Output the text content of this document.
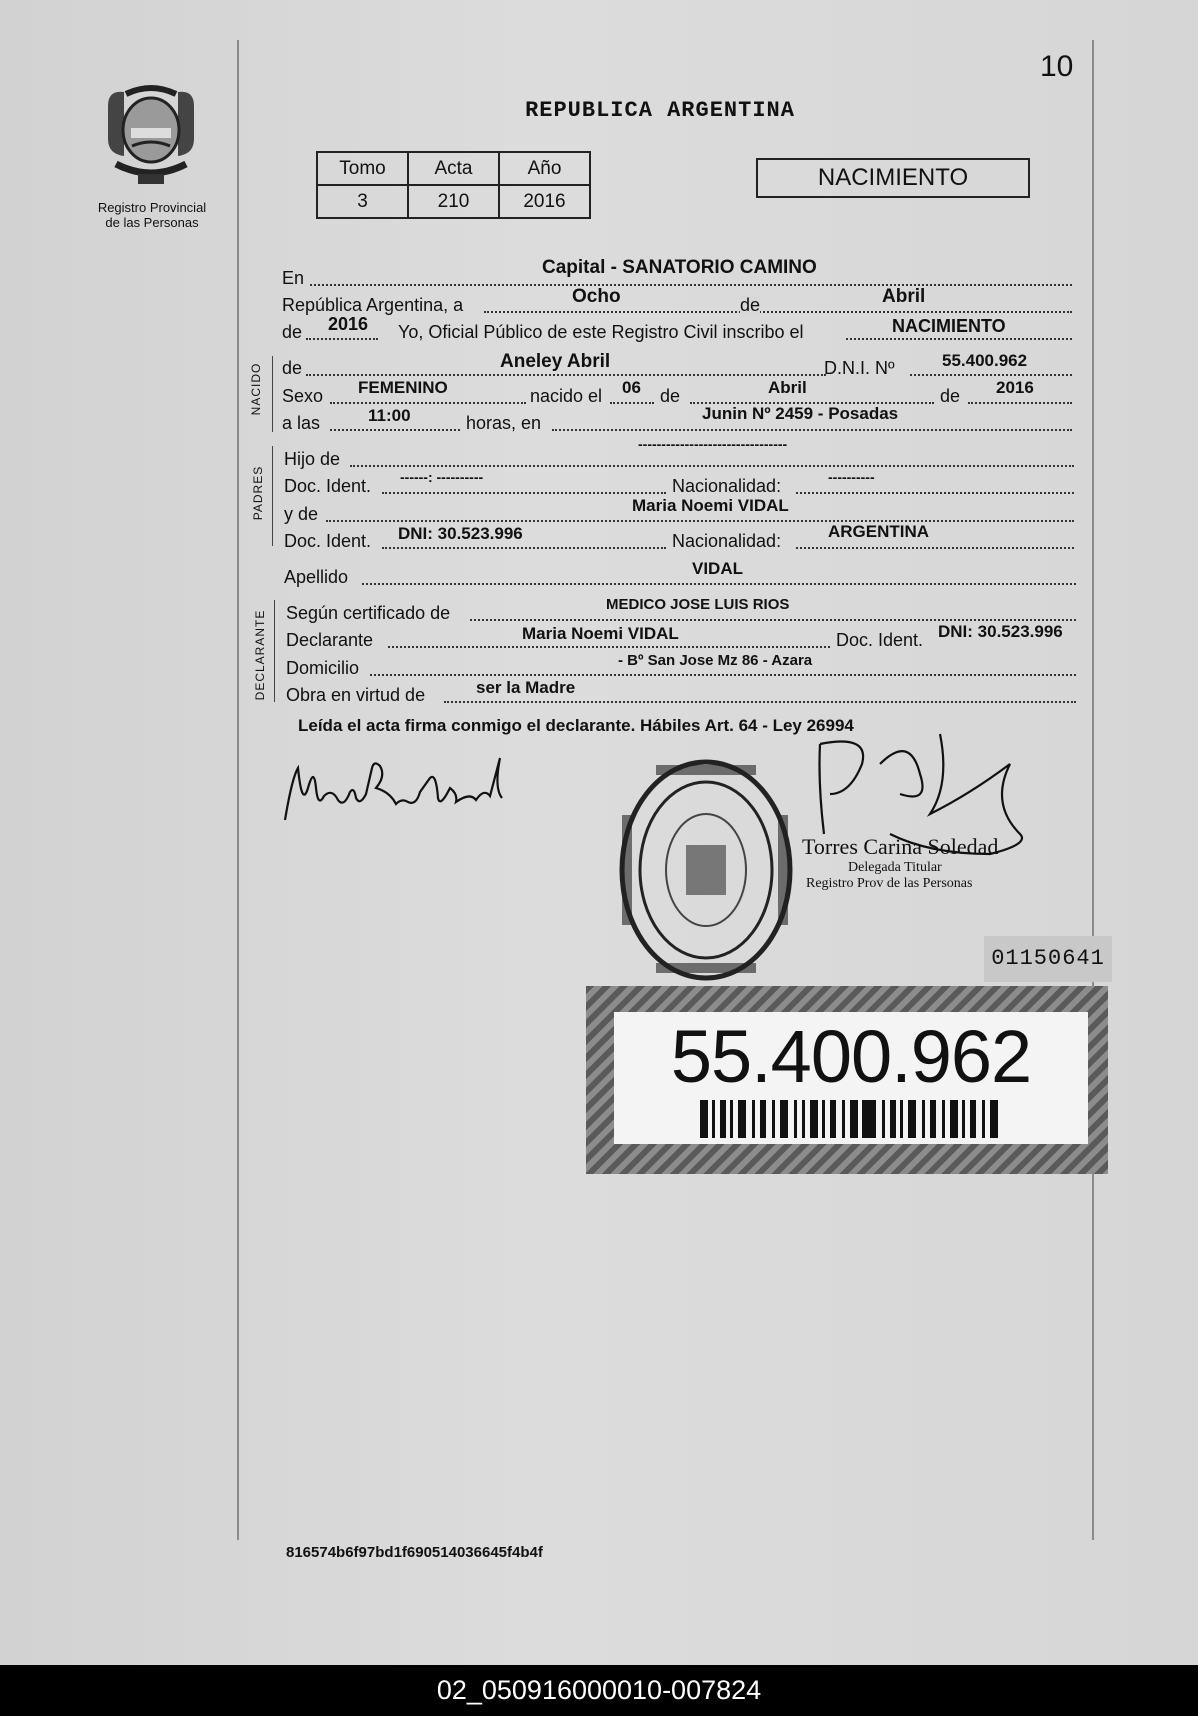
10
Registro Provincial
de las Personas
REPUBLICA ARGENTINA
Tomo	Acta	Año
3	210	2016
NACIMIENTO
En	Capital - SANATORIO CAMINO
República Argentina, a	Ocho	de	Abril
de 2016 Yo, Oficial Público de este Registro Civil inscribo el	NACIMIENTO
NACIDO de	Aneley Abril	D.N.I. Nº	55.400.962
Sexo FEMENINO	nacido el 06 de	Abril	de 2016
a las	11:00	horas, en	Junin Nº 2459 - Posadas
PADRES
Hijo de
--------------------------------
Doc. Ident. ------: ----------	Nacionalidad:	----------
y de	Maria Noemi VIDAL
Doc. Ident. DNI: 30.523.996	Nacionalidad:	ARGENTINA
Apellido	VIDAL
DECLARANTE Según certificado de	MEDICO JOSE LUIS RIOS
Declarante	Maria Noemi VIDAL	Doc. Ident. DNI: 30.523.996
Domicilio	- Bº San Jose Mz 86 - Azara
Obra en virtud de	ser la Madre
Leída el acta firma conmigo el declarante. Hábiles Art. 64 - Ley 26994
Torres Carina Soledad
Delegada Titular
Registro Prov de las Personas
01150641
55.400.962
816574b6f97bd1f690514036645f4b4f
02_050916000010-007824
